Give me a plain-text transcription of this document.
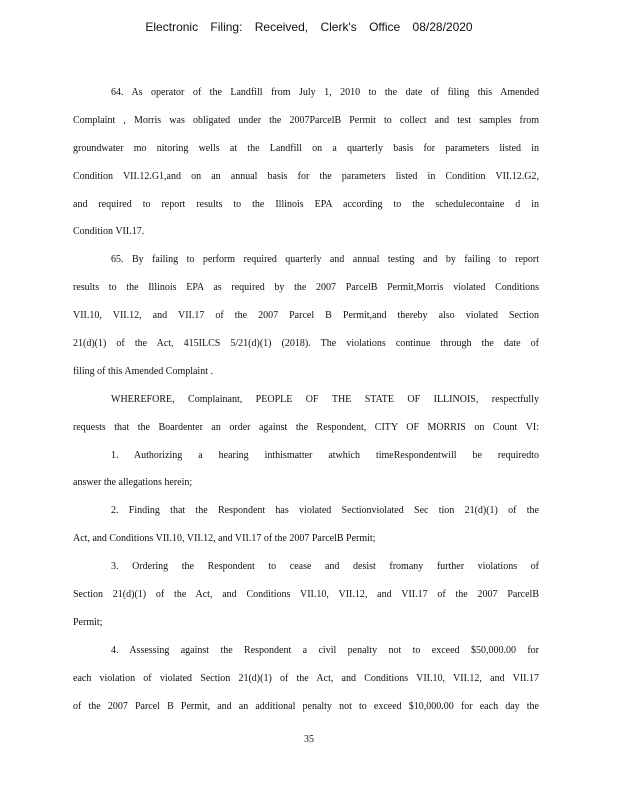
Electronic Filing: Received, Clerk's Office 08/28/2020
64. As operator of the Landfill from July 1, 2010 to the date of filing this Amended
Complaint , Morris was obligated under the 2007ParcelB Permit to collect and test samples from
groundwater mo nitoring wells at the Landfill on a quarterly basis for parameters listed in
Condition VII.12.G1,and on an annual basis for the parameters listed in Condition VII.12.G2,
and required to report results to the Illinois EPA according to the schedulecontaine d in
Condition VII.17.
65. By failing to perform required quarterly and annual testing and by failing to report
results to the Illinois EPA as required by the 2007 ParcelB Permit,Morris violated Conditions
VII.10, VII.12, and VII.17 of the 2007 Parcel B Permit,and thereby also violated Section
21(d)(1) of the Act, 415ILCS 5/21(d)(1) (2018). The violations continue through the date of
filing of this Amended Complaint .
WHEREFORE, Complainant, PEOPLE OF THE STATE OF ILLINOIS, respectfully
requests that the Boardenter an order against the Respondent, CITY OF MORRIS on Count VI:
1. Authorizing a hearing inthismatter atwhich timeRespondentwill be requiredto
answer the allegations herein;
2. Finding that the Respondent has violated Sectionviolated Sec tion 21(d)(1) of the
Act, and Conditions VII.10, VII.12, and VII.17 of the 2007 ParcelB Permit;
3. Ordering the Respondent to cease and desist fromany further violations of
Section 21(d)(1) of the Act, and Conditions VII.10, VII.12, and VII.17 of the 2007 ParcelB
Permit;
4. Assessing against the Respondent a civil penalty not to exceed $50,000.00 for
each violation of violated Section 21(d)(1) of the Act, and Conditions VII.10, VII.12, and VII.17
of the 2007 Parcel B Permit, and an additional penalty not to exceed $10,000.00 for each day the
35
